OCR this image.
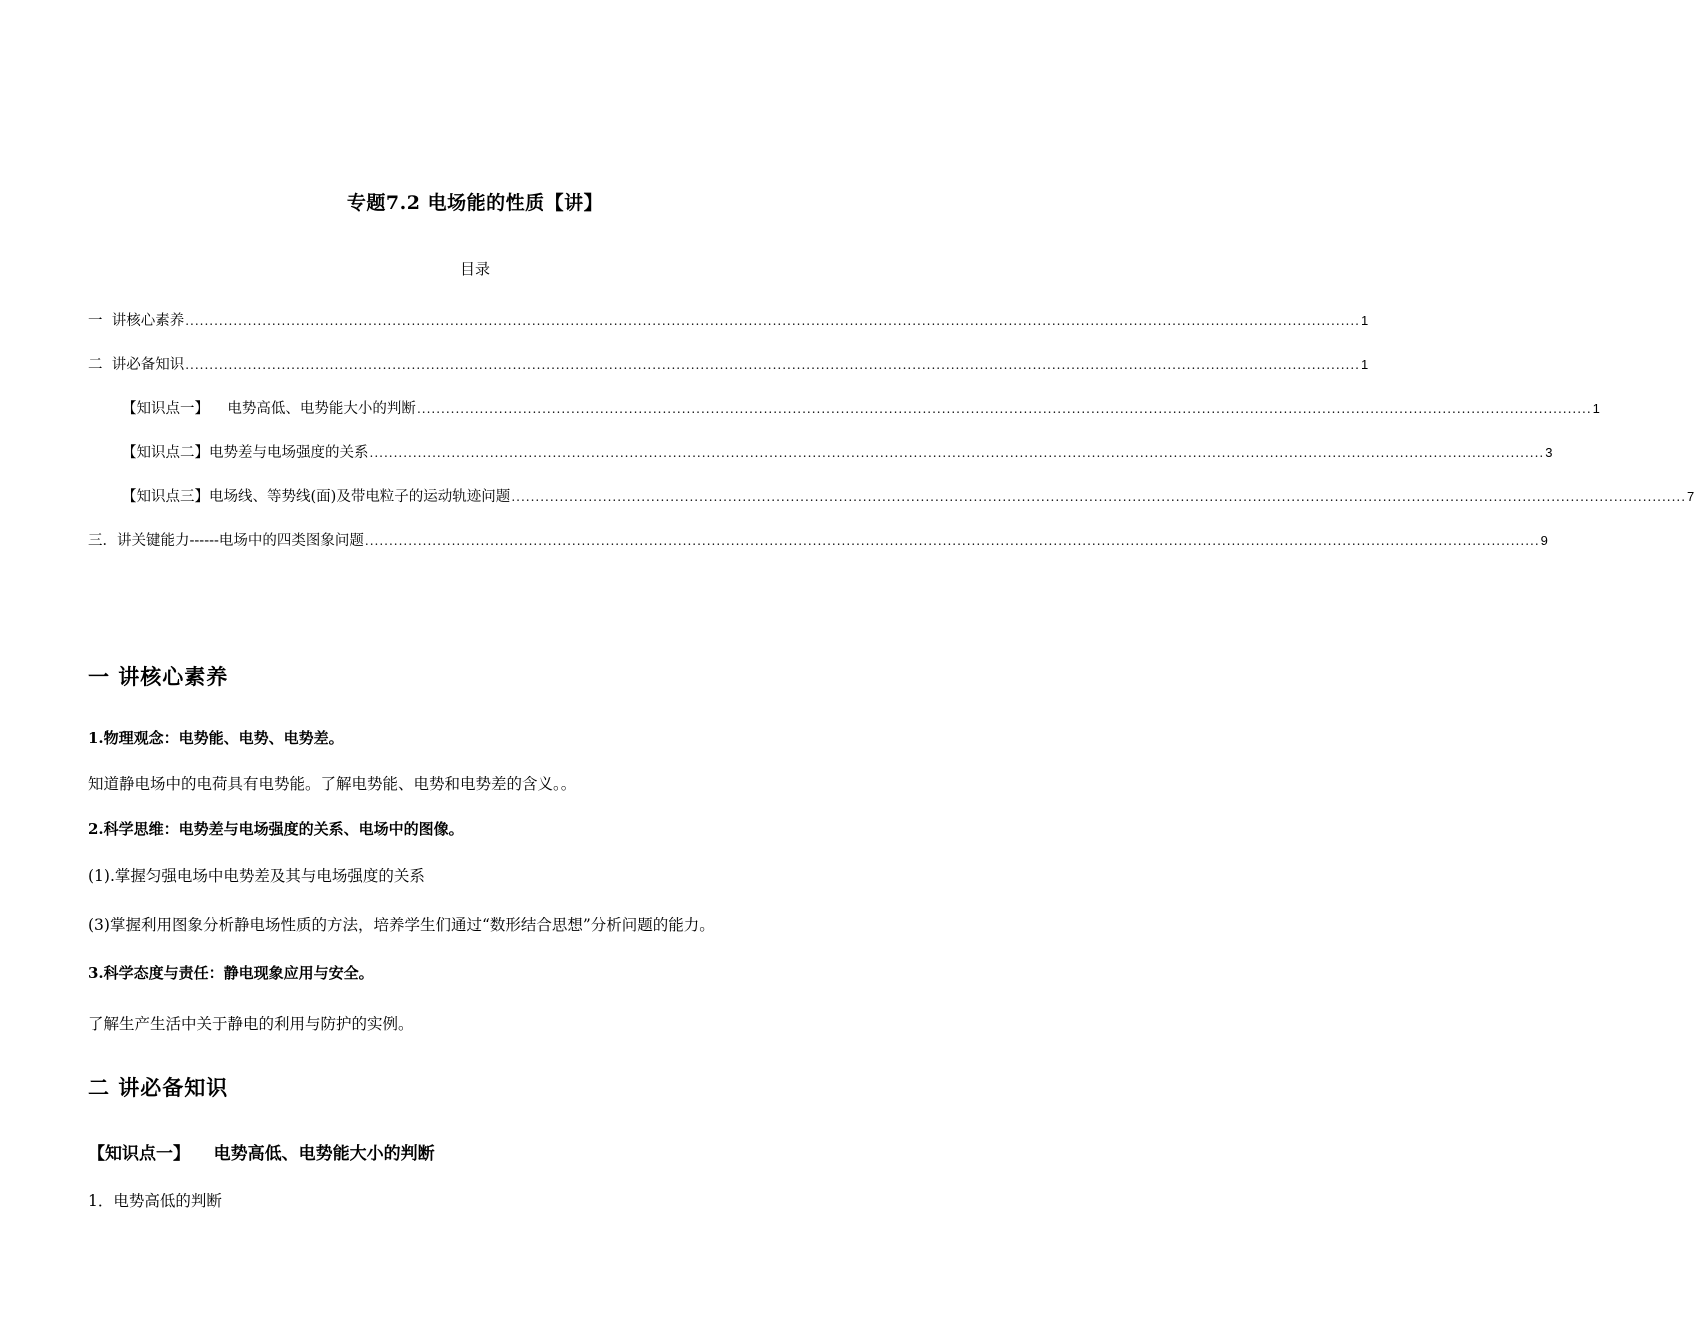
专题7.2 电场能的性质【讲】
目录
一  讲核心素养 .................................................................................................................................................................................................................................................... 1
二  讲必备知识 .................................................................................................................................................................................................................................................... 1
【知识点一】    电势高低、电势能大小的判断 .................................................................................................................................................................................................................................................... 1
【知识点二】电势差与电场强度的关系 .................................................................................................................................................................................................................................................... 3
【知识点三】电场线、等势线(面)及带电粒子的运动轨迹问题 .................................................................................................................................................................................................................................................... 7
三．讲关键能力------电场中的四类图象问题 .................................................................................................................................................................................................................................................... 9
一 讲核心素养
1.物理观念：电势能、电势、电势差。
知道静电场中的电荷具有电势能。了解电势能、电势和电势差的含义。。
2.科学思维：电势差与电场强度的关系、电场中的图像。
(1).掌握匀强电场中电势差及其与电场强度的关系
(3)掌握利用图象分析静电场性质的方法，培养学生们通过“数形结合思想”分析问题的能力。
3.科学态度与责任：静电现象应用与安全。
了解生产生活中关于静电的利用与防护的实例。
二 讲必备知识
【知识点一】    电势高低、电势能大小的判断
1．电势高低的判断
